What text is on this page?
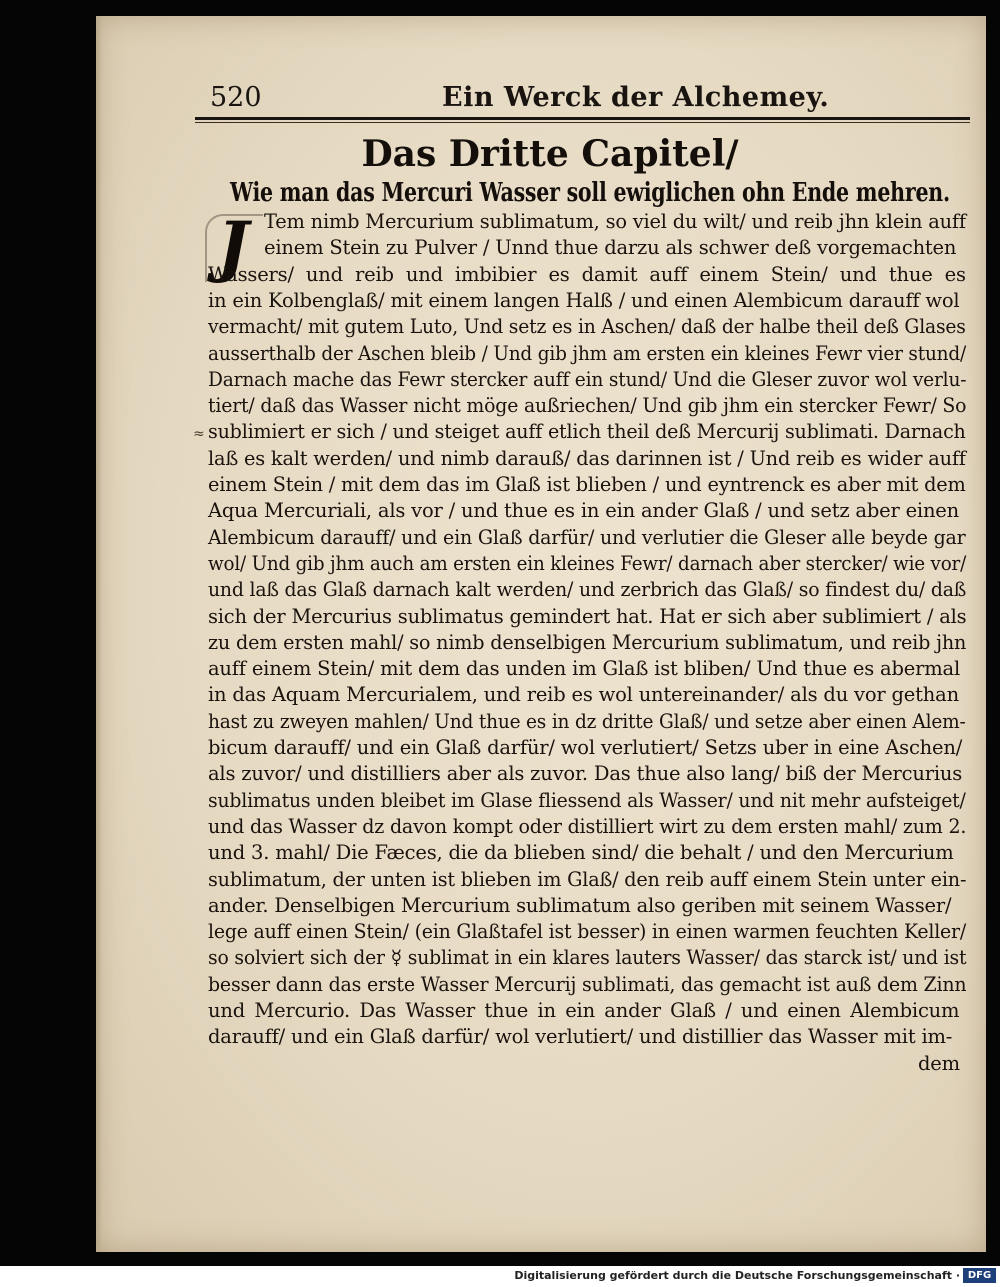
520	Ein Werck der Alchemey.
Das Dritte Capitel/
Wie man das Mercuri Wasser soll ewiglichen ohn Ende mehren.
J
≈
Tem nimb Mercurium sublimatum, so viel du wilt/ und reib jhn klein auff
einem Stein zu Pulver / Unnd thue darzu als schwer deß vorgemachten
Wassers/ und reib und imbibier es damit auff einem Stein/ und thue es
in ein Kolbenglaß/ mit einem langen Halß / und einen Alembicum darauff wol
vermacht/ mit gutem Luto, Und setz es in Aschen/ daß der halbe theil deß Glases
ausserthalb der Aschen bleib / Und gib jhm am ersten ein kleines Fewr vier stund/
Darnach mache das Fewr stercker auff ein stund/ Und die Gleser zuvor wol verlu-
tiert/ daß das Wasser nicht möge außriechen/ Und gib jhm ein stercker Fewr/ So
sublimiert er sich / und steiget auff etlich theil deß Mercurij sublimati. Darnach
laß es kalt werden/ und nimb darauß/ das darinnen ist / Und reib es wider auff
einem Stein / mit dem das im Glaß ist blieben / und eyntrenck es aber mit dem
Aqua Mercuriali, als vor / und thue es in ein ander Glaß / und setz aber einen
Alembicum darauff/ und ein Glaß darfür/ und verlutier die Gleser alle beyde gar
wol/ Und gib jhm auch am ersten ein kleines Fewr/ darnach aber stercker/ wie vor/
und laß das Glaß darnach kalt werden/ und zerbrich das Glaß/ so findest du/ daß
sich der Mercurius sublimatus gemindert hat. Hat er sich aber sublimiert / als
zu dem ersten mahl/ so nimb denselbigen Mercurium sublimatum, und reib jhn
auff einem Stein/ mit dem das unden im Glaß ist bliben/ Und thue es abermal
in das Aquam Mercurialem, und reib es wol untereinander/ als du vor gethan
hast zu zweyen mahlen/ Und thue es in dz dritte Glaß/ und setze aber einen Alem-
bicum darauff/ und ein Glaß darfür/ wol verlutiert/ Setzs uber in eine Aschen/
als zuvor/ und distilliers aber als zuvor. Das thue also lang/ biß der Mercurius
sublimatus unden bleibet im Glase fliessend als Wasser/ und nit mehr aufsteiget/
und das Wasser dz davon kompt oder distilliert wirt zu dem ersten mahl/ zum 2.
und 3. mahl/ Die Fæces, die da blieben sind/ die behalt / und den Mercurium
sublimatum, der unten ist blieben im Glaß/ den reib auff einem Stein unter ein-
ander. Denselbigen Mercurium sublimatum also geriben mit seinem Wasser/
lege auff einen Stein/ (ein Glaßtafel ist besser) in einen warmen feuchten Keller/
so solviert sich der ☿ sublimat in ein klares lauters Wasser/ das starck ist/ und ist
besser dann das erste Wasser Mercurij sublimati, das gemacht ist auß dem Zinn
und Mercurio. Das Wasser thue in ein ander Glaß / und einen Alembicum
darauff/ und ein Glaß darfür/ wol verlutiert/ und distillier das Wasser mit im-
dem
Digitalisierung gefördert durch die Deutsche Forschungsgemeinschaft · DFG
